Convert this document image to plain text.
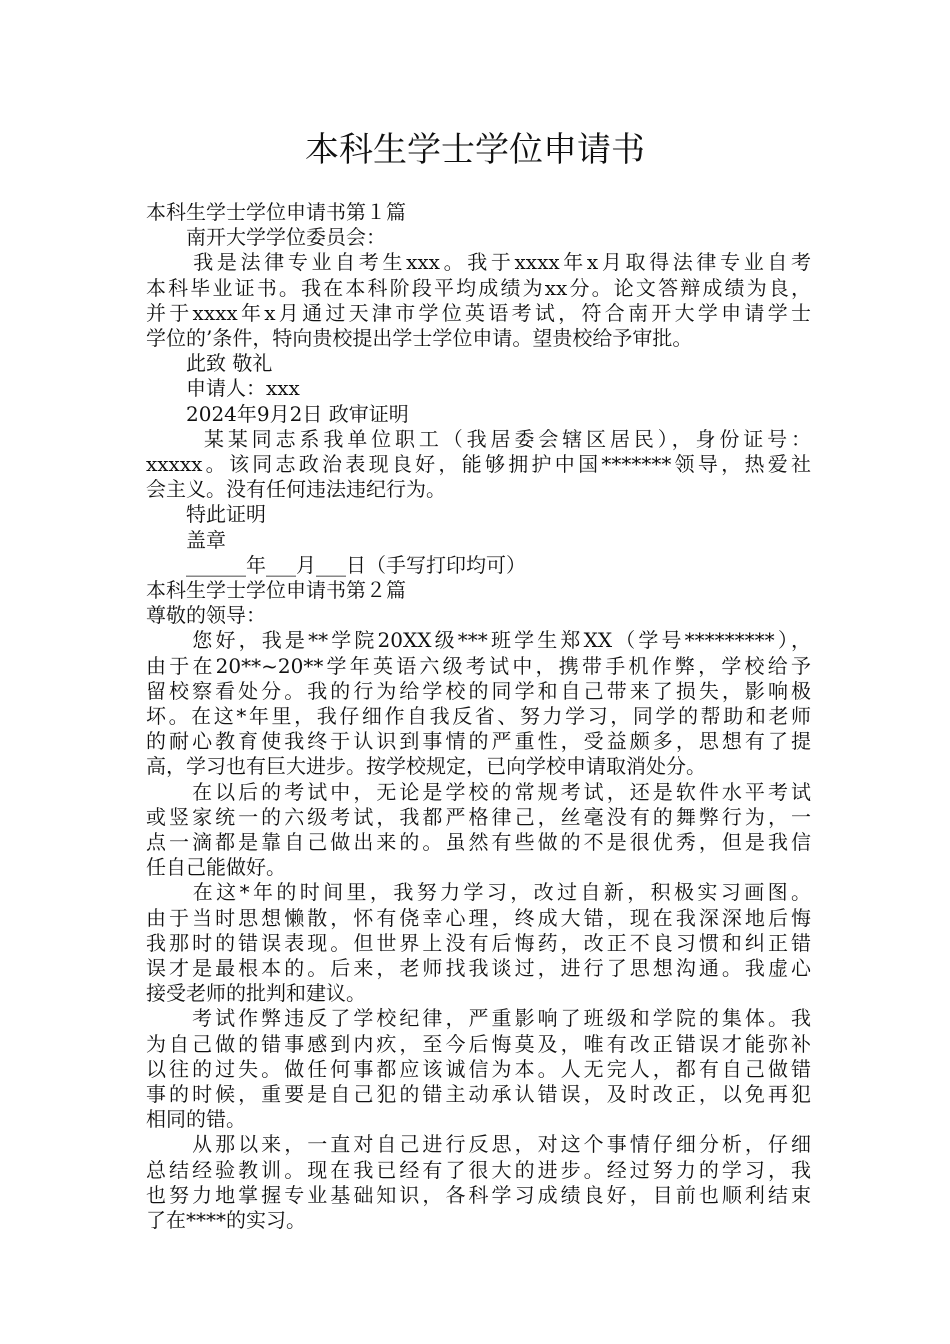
本科生学士学位申请书
本科生学士学位申请书第１篇
　　南开大学学位委员会：
　　我是法律专业自考生xxx。我于xxxx年x月取得法律专业自考
本科毕业证书。我在本科阶段平均成绩为xx分。论文答辩成绩为良，
并于xxxx年x月通过天津市学位英语考试，符合南开大学申请学士
学位的’条件，特向贵校提出学士学位申请。望贵校给予审批。
　　此致 敬礼
　　申请人：xxx
　　2024年9月2日 政审证明
　　 某某同志系我单位职工（我居委会辖区居民），身份证号：
xxxxx。该同志政治表现良好，能够拥护中国*******领导，热爱社
会主义。没有任何违法违纪行为。
　　特此证明
　　盖章
　　______年___月___日（手写打印均可）
本科生学士学位申请书第２篇
尊敬的领导：
　　您好，我是**学院20XX级***班学生郑XX（学号*********），
由于在20**~20**学年英语六级考试中，携带手机作弊，学校给予
留校察看处分。我的行为给学校的同学和自己带来了损失，影响极
坏。在这*年里，我仔细作自我反省、努力学习，同学的帮助和老师
的耐心教育使我终于认识到事情的严重性，受益颇多，思想有了提
高，学习也有巨大进步。按学校规定，已向学校申请取消处分。
　　在以后的考试中，无论是学校的常规考试，还是软件水平考试
或竖家统一的六级考试，我都严格律己，丝毫没有的舞弊行为，一
点一滴都是靠自己做出来的。虽然有些做的不是很优秀，但是我信
任自己能做好。
　　在这*年的时间里，我努力学习，改过自新，积极实习画图。
由于当时思想懒散，怀有侥幸心理，终成大错，现在我深深地后悔
我那时的错误表现。但世界上没有后悔药，改正不良习惯和纠正错
误才是最根本的。后来，老师找我谈过，进行了思想沟通。我虚心
接受老师的批判和建议。
　　考试作弊违反了学校纪律，严重影响了班级和学院的集体。我
为自己做的错事感到内疚，至今后悔莫及，唯有改正错误才能弥补
以往的过失。做任何事都应该诚信为本。人无完人，都有自己做错
事的时候，重要是自己犯的错主动承认错误，及时改正，以免再犯
相同的错。
　　从那以来，一直对自己进行反思，对这个事情仔细分析，仔细
总结经验教训。现在我已经有了很大的进步。经过努力的学习，我
也努力地掌握专业基础知识，各科学习成绩良好，目前也顺利结束
了在****的实习。
